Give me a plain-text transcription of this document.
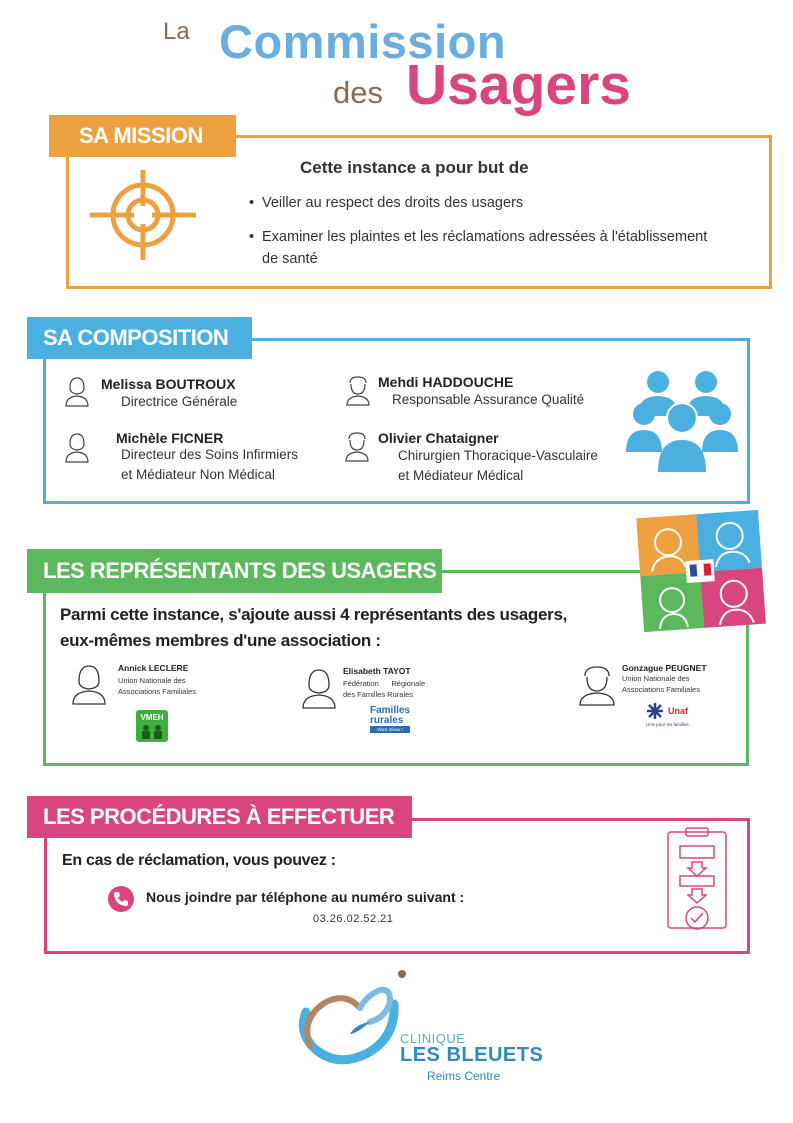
La Commission
des Usagers
SA MISSION
Cette instance a pour but de
• Veiller au respect des droits des usagers
• Examiner les plaintes et les réclamations adressées à l'établissement
de santé
SA COMPOSITION
Melissa BOUTROUX
Directrice Générale
Mehdi HADDOUCHE
Responsable Assurance Qualité
Michèle FICNER
Directeur des Soins Infirmiers
et Médiateur Non Médical
Olivier Chataigner
Chirurgien Thoracique-Vasculaire
et Médiateur Médical
LES REPRÉSENTANTS DES USAGERS
Parmi cette instance, s'ajoute aussi 4 représentants des usagers,
eux-mêmes membres d'une association :
Annick LECLERE
Union Nationale des
Associations Familiales
VMEH
Elisabeth TAYOT
Fédération      Régionale
des Familles Rurales
Familles
rurales
Vivre mieux !
Gonzague PEUGNET
Union Nationale des
Associations Familiales
Unaf
Unis pour les familles
LES PROCÉDURES À EFFECTUER
En cas de réclamation, vous pouvez :
Nous joindre par téléphone au numéro suivant :
03.26.02.52.21
CLINIQUE
LES BLEUETS
Reims Centre
